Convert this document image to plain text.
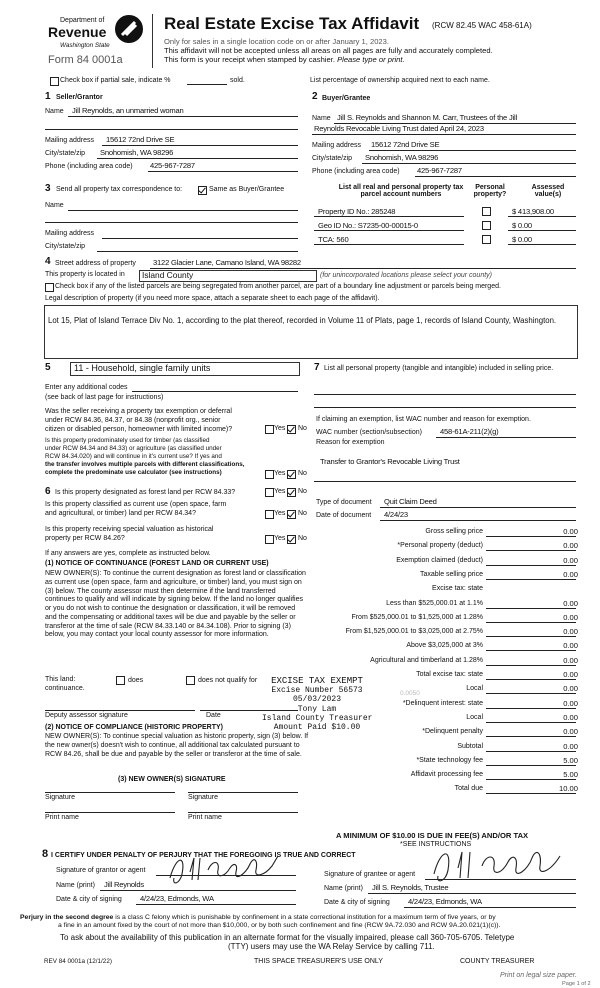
Department of
Revenue
Washington State
Form 84 0001a
Real Estate Excise Tax Affidavit (RCW 82.45 WAC 458-61A)
Only for sales in a single location code on or after January 1, 2023.
This affidavit will not be accepted unless all areas on all pages are fully and accurately completed.
This form is your receipt when stamped by cashier. Please type or print.
Check box if partial sale, indicate %	sold.	List percentage of ownership acquired next to each name.
1 Seller/Grantor
Name Jill Reynolds, an unmarried woman
Mailing address 15612 72nd Drive SE
City/state/zip Snohomish, WA 98296
Phone (including area code) 425-967-7287
2 Buyer/Grantee
Name Jill S. Reynolds and Shannon M. Carr, Trustees of the Jill
Reynolds Revocable Living Trust dated April 24, 2023
Mailing address 15612 72nd Drive SE
City/state/zip Snohomish, WA 98296
Phone (including area code) 425-967-7287
3 Send all property tax correspondence to:	Same as Buyer/Grantee
Name
Mailing address
City/state/zip
List all real and personal property tax
parcel account numbers
Personal
property?
Assessed
value(s)
Property ID No.: 285248	$ 413,908.00
Geo ID No.: S7235-00-00015-0	$ 0.00
TCA: 560	$ 0.00
4 Street address of property 3122 Glacier Lane, Camano Island, WA 98282
This property is located in Island County	(for unincorporated locations please select your county)
Check box if any of the listed parcels are being segregated from another parcel, are part of a boundary line adjustment or parcels being merged.
Legal description of property (if you need more space, attach a separate sheet to each page of the affidavit).
Lot 15, Plat of Island Terrace Div No. 1, according to the plat thereof, recorded in Volume 11 of Plats, page 1, records of Island County, Washington.
5	11 - Household, single family units
Enter any additional codes
(see back of last page for instructions)
Was the seller receiving a property tax exemption or deferral
under RCW 84.36, 84.37, or 84.38 (nonprofit org., senior
citizen or disabled person, homeowner with limited income)?	Yes No
Is this property predominately used for timber (as classified
under RCW 84.34 and 84.33) or agriculture (as classified under
RCW 84.34.020) and will continue in it's current use? If yes and
the transfer involves multiple parcels with different classifications,
complete the predominate use calculator (see instructions)	Yes No
6 Is this property designated as forest land per RCW 84.33?	Yes No
Is this property classified as current use (open space, farm
and agricultural, or timber) land per RCW 84.34?	Yes No
Is this property receiving special valuation as historical
property per RCW 84.26?	Yes No
If any answers are yes, complete as instructed below.
(1) NOTICE OF CONTINUANCE (FOREST LAND OR CURRENT USE)
NEW OWNER(S): To continue the current designation as forest land or classification as current use (open space, farm and agriculture, or timber) land, you must sign on (3) below. The county assessor must then determine if the land transferred continues to qualify and will indicate by signing below. If the land no longer qualifies or you do not wish to continue the designation or classification, it will be removed and the compensating or additional taxes will be due and payable by the seller or transferor at the time of sale (RCW 84.33.140 or 84.34.108). Prior to signing (3) below, you may contact your local county assessor for more information.
This land:
continuance.
does	does not qualify for
Deputy assessor signature	Date
(2) NOTICE OF COMPLIANCE (HISTORIC PROPERTY)
NEW OWNER(S): To continue special valuation as historic property, sign (3) below. If the new owner(s) doesn't wish to continue, all additional tax calculated pursuant to RCW 84.26, shall be due and payable by the seller or transferor at the time of sale.
(3) NEW OWNER(S) SIGNATURE
Signature	Signature
Print name	Print name
7 List all personal property (tangible and intangible) included in selling price.
If claiming an exemption, list WAC number and reason for exemption.
WAC number (section/subsection) 458-61A-211(2)(g)
Reason for exemption
Transfer to Grantor's Revocable Living Trust
Type of document Quit Claim Deed
Date of document 4/24/23
Gross selling price	0.00
*Personal property (deduct)	0.00
Exemption claimed (deduct)	0.00
Taxable selling price	0.00
Excise tax: state
Less than $525,000.01 at 1.1%	0.00
From $525,000.01 to $1,525,000 at 1.28%	0.00
From $1,525,000.01 to $3,025,000 at 2.75%	0.00
Above $3,025,000 at 3%	0.00
Agricultural and timberland at 1.28%	0.00
Total excise tax: state	0.00
Local	0.00
*Delinquent interest: state	0.00
Local	0.00
*Delinquent penalty	0.00
Subtotal	0.00
*State technology fee	5.00
Affidavit processing fee	5.00
Total due	10.00
EXCISE TAX EXEMPT
Excise Number 56573
05/03/2023
Tony Lam
Island County Treasurer
Amount Paid $10.00
0.0050
A MINIMUM OF $10.00 IS DUE IN FEE(S) AND/OR TAX
*SEE INSTRUCTIONS
8 I CERTIFY UNDER PENALTY OF PERJURY THAT THE FOREGOING IS TRUE AND CORRECT
Signature of grantor or agent
Name (print) Jill Reynolds
Date & city of signing 4/24/23, Edmonds, WA
Signature of grantee or agent
Name (print) Jill S. Reynolds, Trustee
Date & city of signing 4/24/23, Edmonds, WA
Perjury in the second degree is a class C felony which is punishable by confinement in a state correctional institution for a maximum term of five years, or by
a fine in an amount fixed by the court of not more than $10,000, or by both such confinement and fine (RCW 9A.72.030 and RCW 9A.20.021(1)(c)).
To ask about the availability of this publication in an alternate format for the visually impaired, please call 360-705-6705. Teletype
(TTY) users may use the WA Relay Service by calling 711.
REV 84 0001a (12/1/22)	THIS SPACE TREASURER'S USE ONLY	COUNTY TREASURER
Print on legal size paper.
Page 1 of 2
